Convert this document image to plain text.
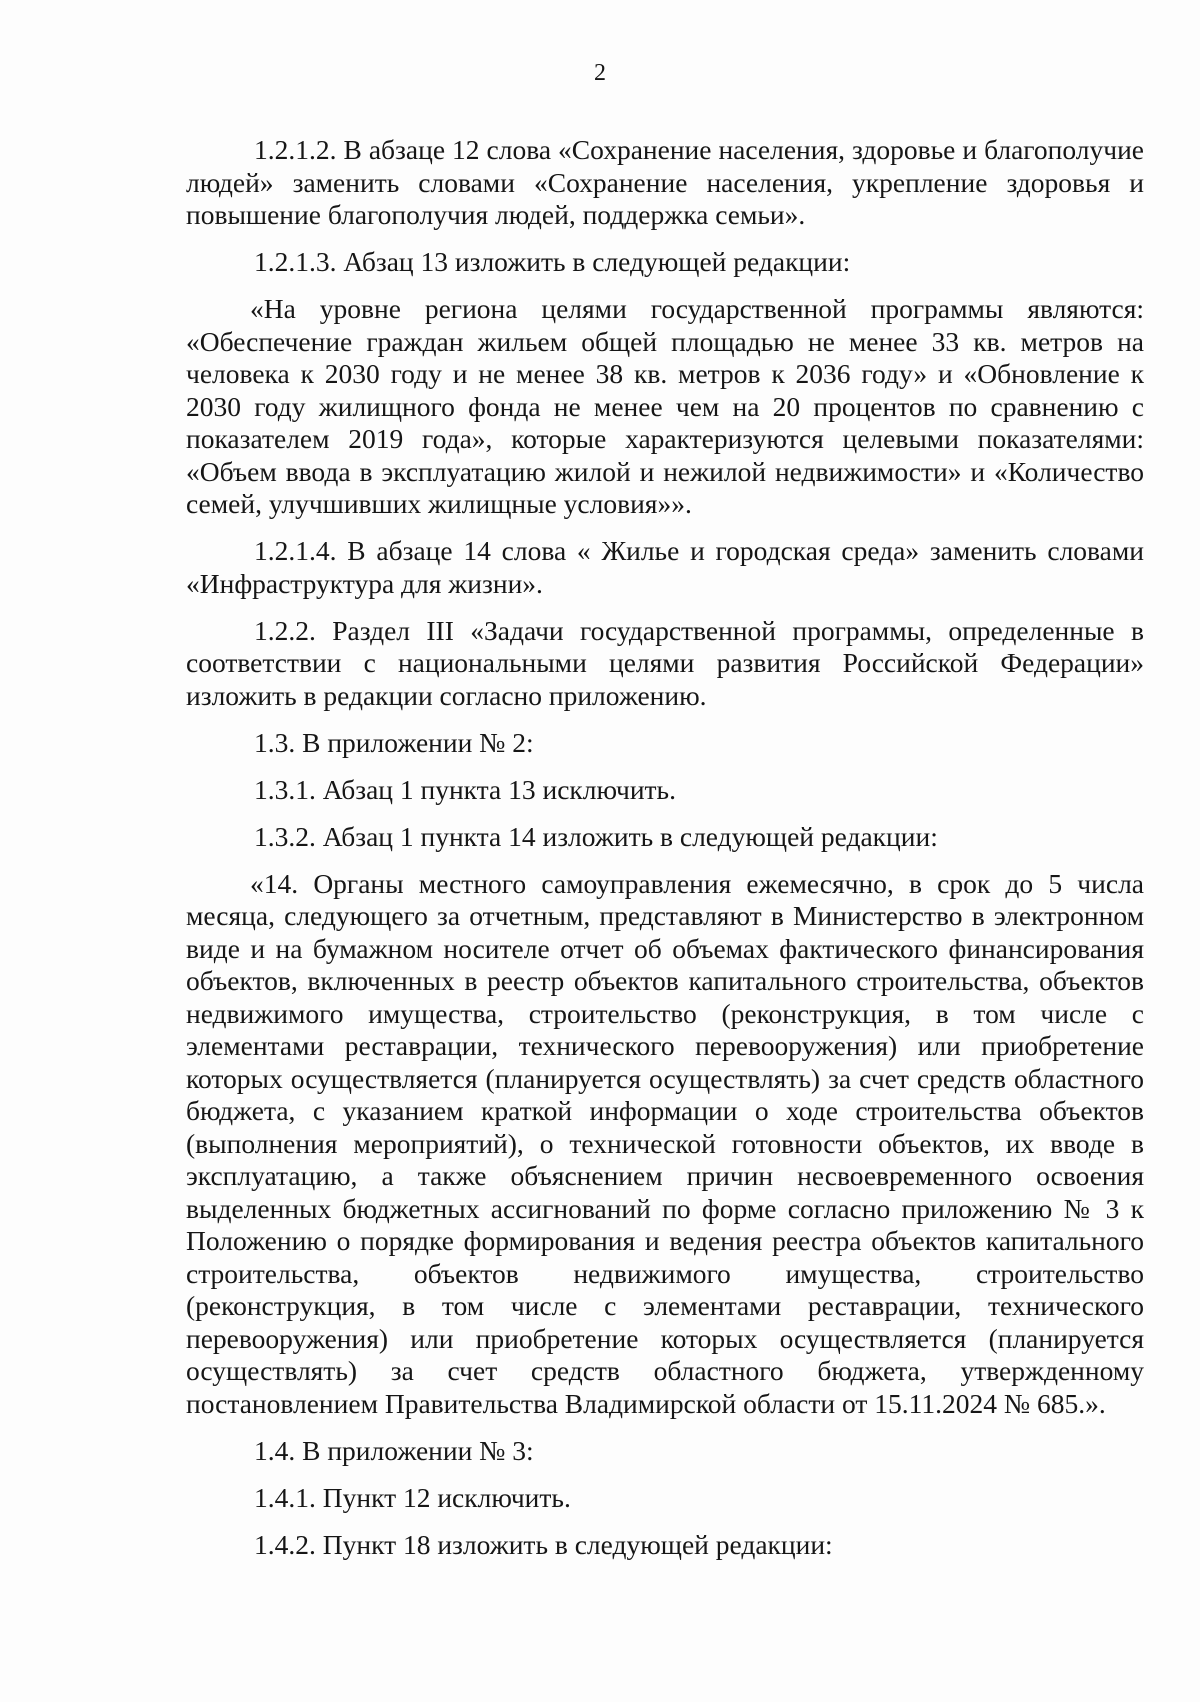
2

1.2.1.2. В абзаце 12 слова «Сохранение населения, здоровье и благополучие людей» заменить словами «Сохранение населения, укрепление здоровья и повышение благополучия людей, поддержка семьи».

1.2.1.3. Абзац 13 изложить в следующей редакции:

«На уровне региона целями государственной программы являются: «Обеспечение граждан жильем общей площадью не менее 33 кв. метров на человека к 2030 году и не менее 38 кв. метров к 2036 году» и «Обновление к 2030 году жилищного фонда не менее чем на 20 процентов по сравнению с показателем 2019 года», которые характеризуются целевыми показателями: «Объем ввода в эксплуатацию жилой и нежилой недвижимости» и «Количество семей, улучшивших жилищные условия»».

1.2.1.4. В абзаце 14 слова « Жилье и городская среда» заменить словами «Инфраструктура для жизни».

1.2.2. Раздел III «Задачи государственной программы, определенные в соответствии с национальными целями развития Российской Федерации» изложить в редакции согласно приложению.

1.3. В приложении № 2:

1.3.1. Абзац 1 пункта 13 исключить.

1.3.2. Абзац 1 пункта 14 изложить в следующей редакции:

«14. Органы местного самоуправления ежемесячно, в срок до 5 числа месяца, следующего за отчетным, представляют в Министерство в электронном виде и на бумажном носителе отчет об объемах фактического финансирования объектов, включенных в реестр объектов капитального строительства, объектов недвижимого имущества, строительство (реконструкция, в том числе с элементами реставрации, технического перевооружения) или приобретение которых осуществляется (планируется осуществлять) за счет средств областного бюджета, с указанием краткой информации о ходе строительства объектов (выполнения мероприятий), о технической готовности объектов, их вводе в эксплуатацию, а также объяснением причин несвоевременного освоения выделенных бюджетных ассигнований по форме согласно приложению № 3 к Положению о порядке формирования и ведения реестра объектов капитального строительства, объектов недвижимого имущества, строительство (реконструкция, в том числе с элементами реставрации, технического перевооружения) или приобретение которых осуществляется (планируется осуществлять) за счет средств областного бюджета, утвержденному постановлением Правительства Владимирской области от 15.11.2024 № 685.».

1.4. В приложении № 3:

1.4.1. Пункт 12 исключить.

1.4.2. Пункт 18 изложить в следующей редакции:
